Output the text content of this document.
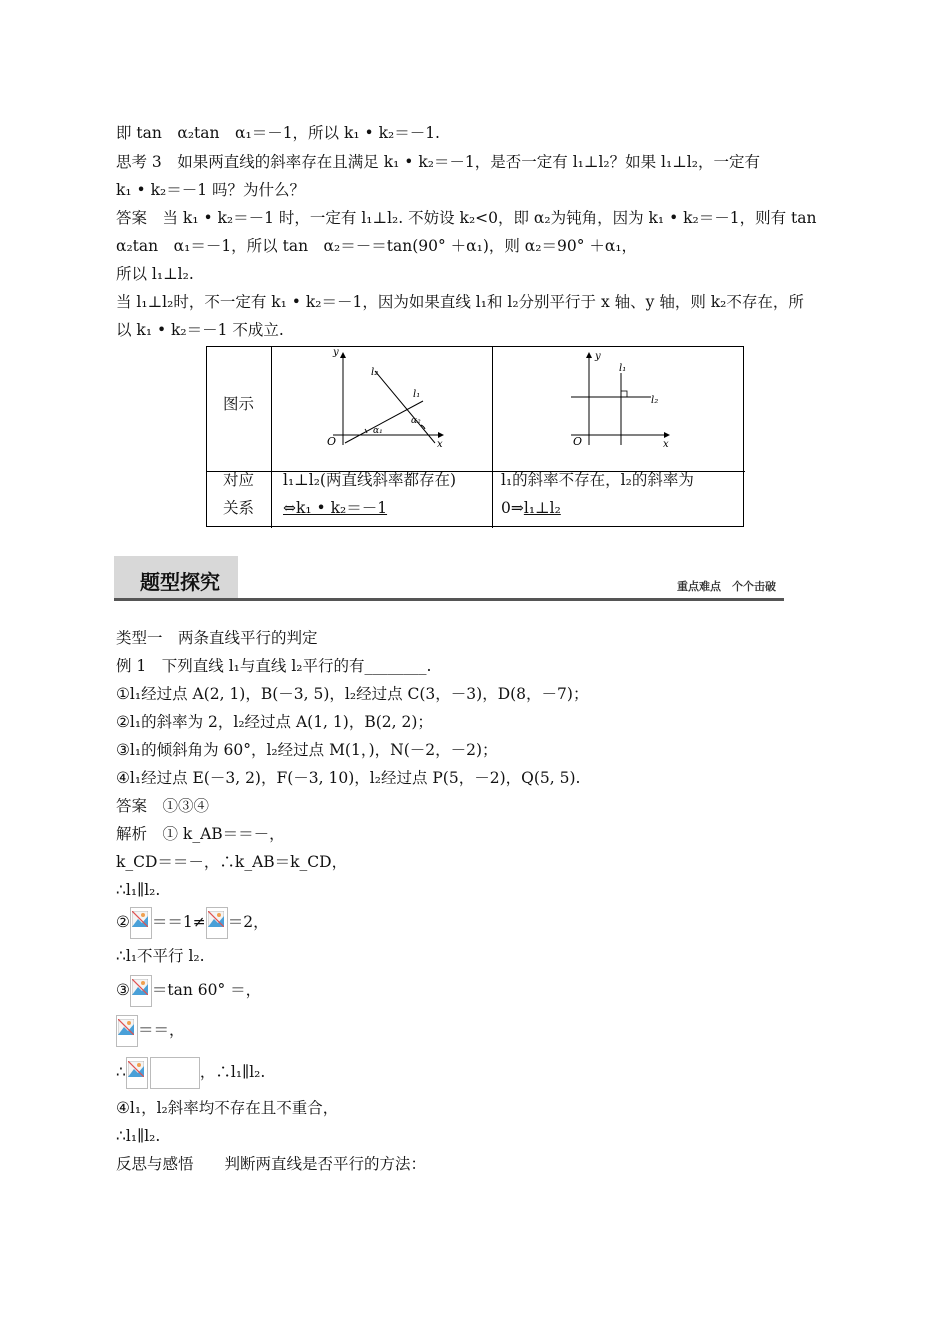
即 tan　α₂tan　α₁＝－1，所以 k₁ • k₂＝－1.
思考 3　如果两直线的斜率存在且满足 k₁ • k₂＝－1，是否一定有 l₁⊥l₂？如果 l₁⊥l₂，一定有
k₁ • k₂＝－1 吗？为什么？
答案　当 k₁ • k₂＝－1 时，一定有 l₁⊥l₂. 不妨设 k₂<0，即 α₂为钝角，因为 k₁ • k₂＝－1，则有 tan
α₂tan　α₁＝－1，所以 tan　α₂＝－＝tan(90° ＋α₁)，则 α₂＝90° ＋α₁，
所以 l₁⊥l₂.
当 l₁⊥l₂时，不一定有 k₁ • k₂＝－1，因为如果直线 l₁和 l₂分别平行于 x 轴、y 轴，则 k₂不存在，所
以 k₁ • k₂＝－1 不成立.
图示
对应
关系
y
x
O
l₂
l₁
α₁
α₂
y
x
O
l₁
l₂
l₁⊥l₂(两直线斜率都存在)
⇔k₁ • k₂＝－1
l₁的斜率不存在，l₂的斜率为
0⇒l₁⊥l₂
题型探究	重点难点　个个击破
类型一　两条直线平行的判定
例 1　下列直线 l₁与直线 l₂平行的有________.
①l₁经过点 A(2, 1)，B(－3, 5)，l₂经过点 C(3，－3)，D(8，－7)；
②l₁的斜率为 2，l₂经过点 A(1, 1)，B(2, 2)；
③l₁的倾斜角为 60°，l₂经过点 M(1，)，N(－2，－2)；
④l₁经过点 E(－3, 2)，F(－3, 10)，l₂经过点 P(5，－2)，Q(5, 5).
答案　①③④
解析　① k_AB＝＝－，
k_CD＝＝－，∴k_AB＝k_CD，
∴l₁∥l₂.
② ＝＝1≠ ＝2，
∴l₁不平行 l₂.
③ ＝tan 60° ＝，
＝＝，
∴	，∴l₁∥l₂.
④l₁，l₂斜率均不存在且不重合，
∴l₁∥l₂.
反思与感悟　　判断两直线是否平行的方法：
